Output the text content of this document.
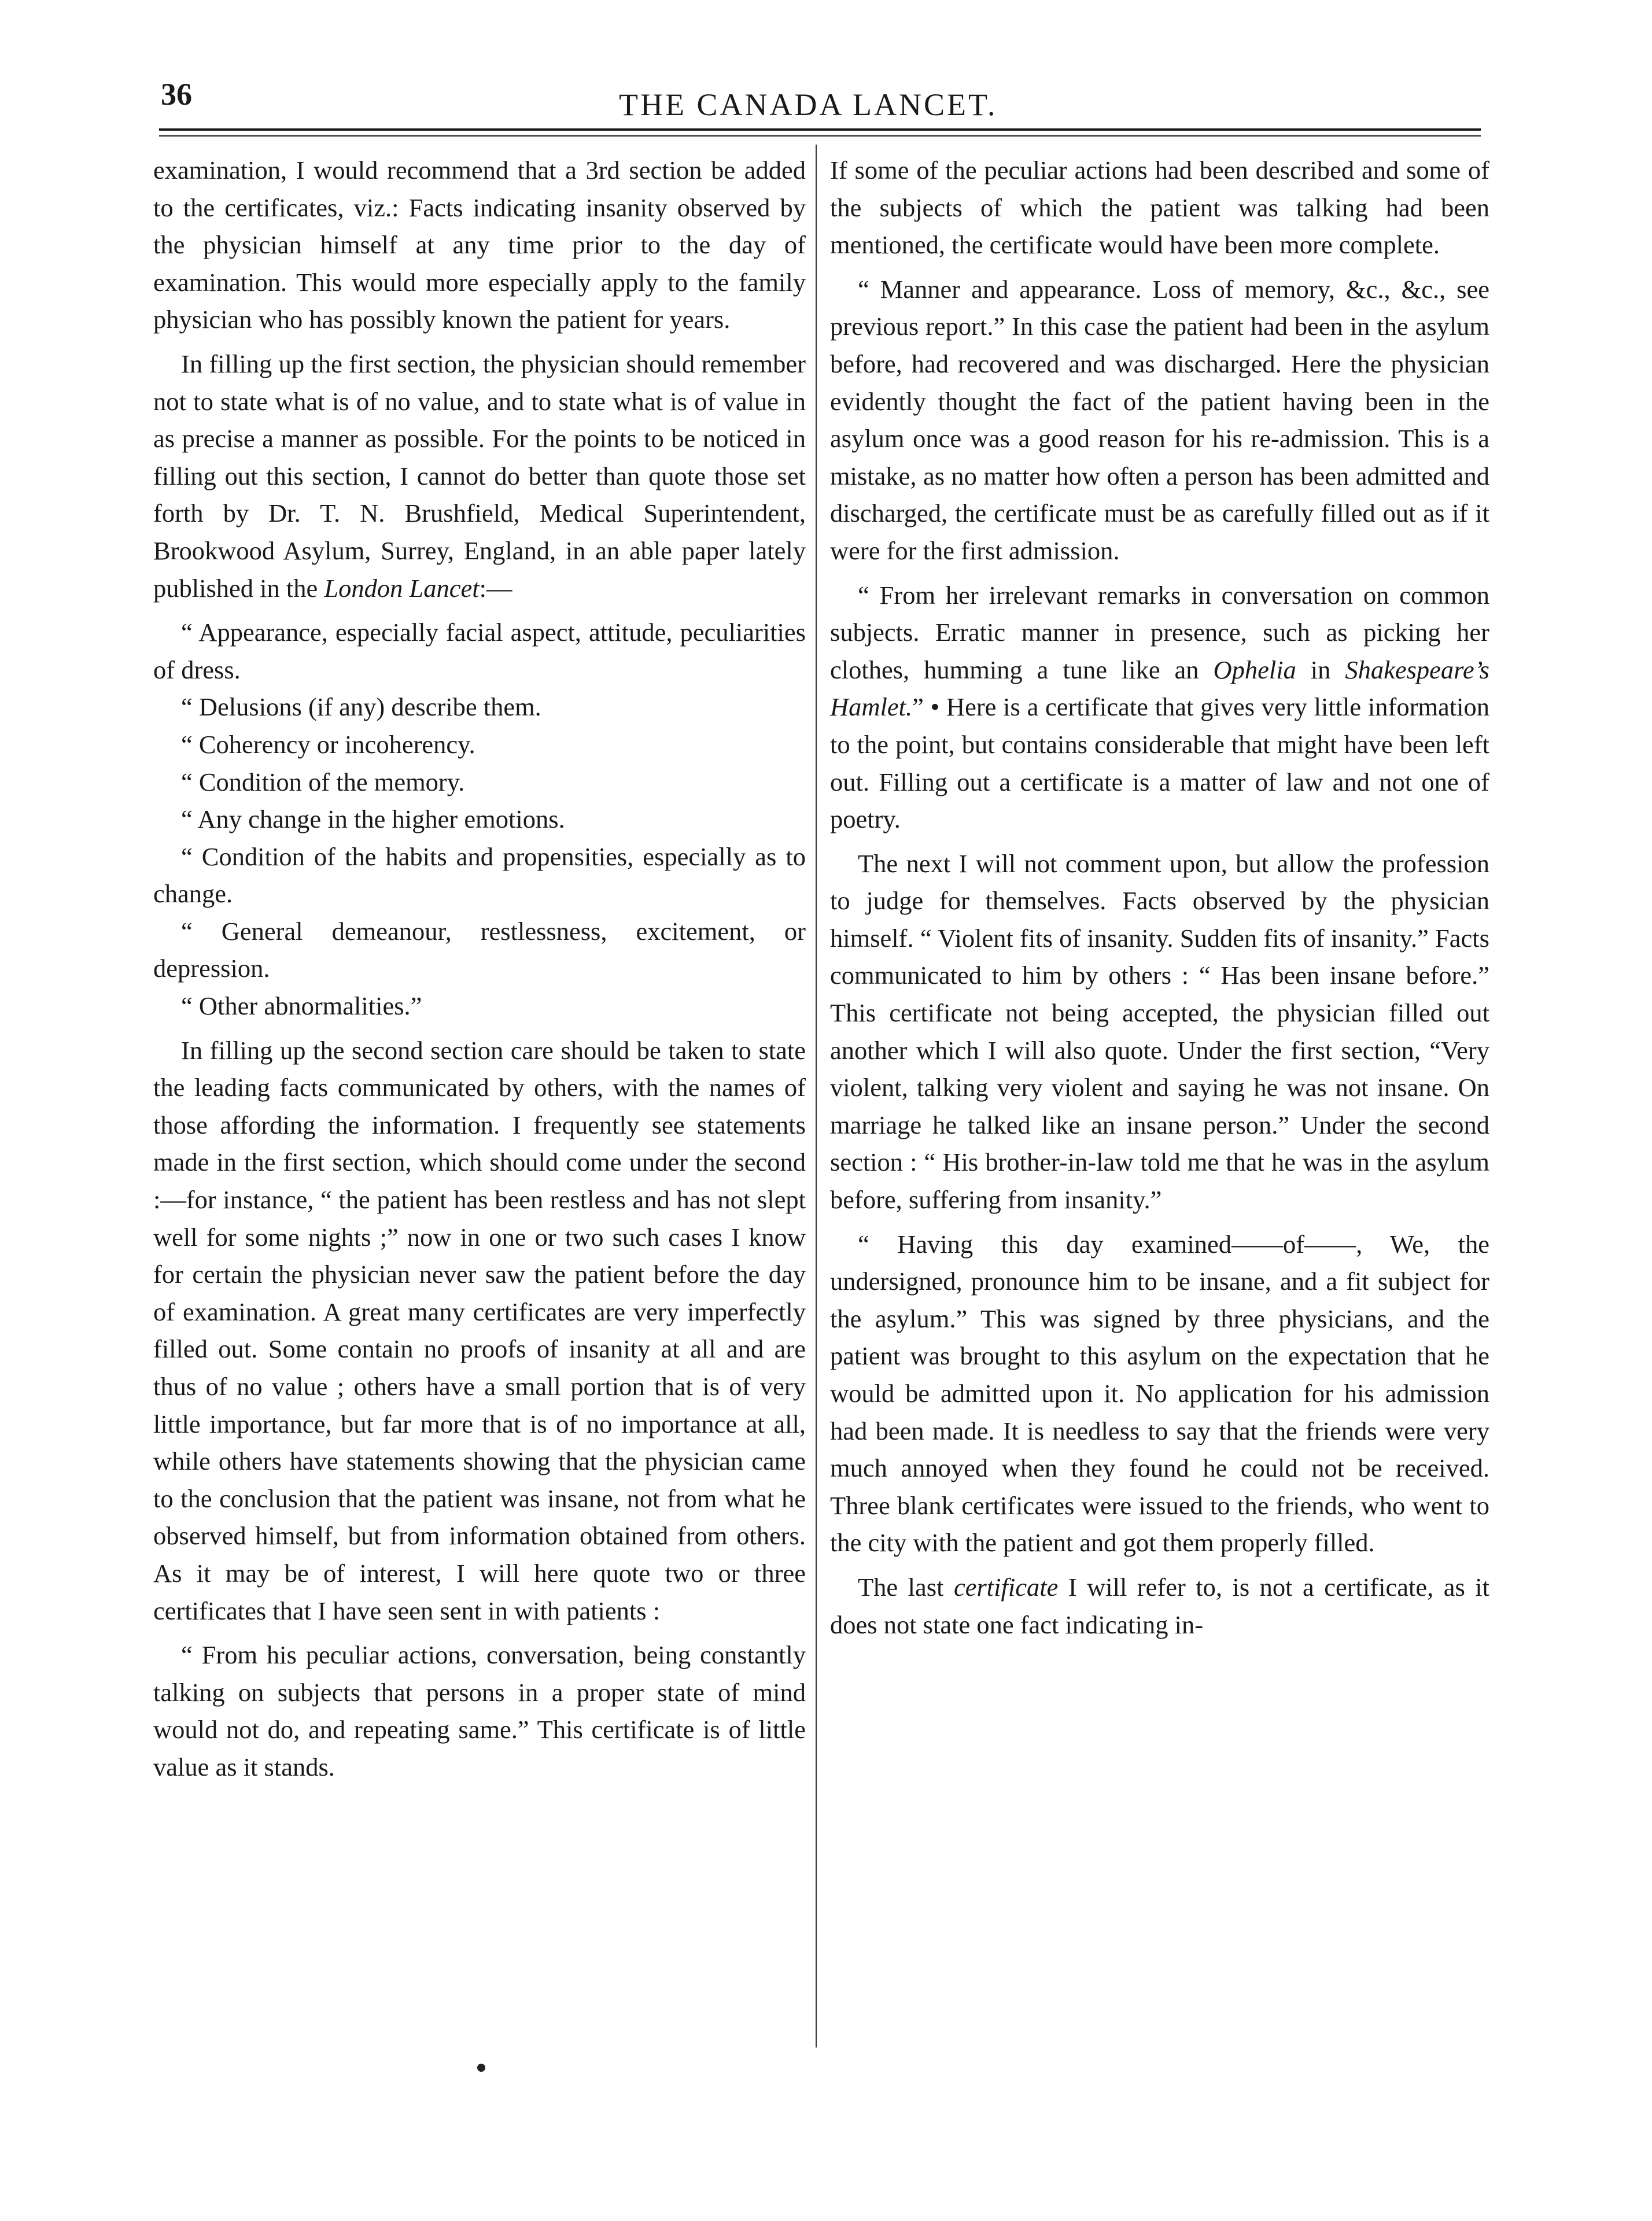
36	THE CANADA LANCET.

examination, I would recommend that a 3rd section be added to the certificates, viz.: Facts indicating insanity observed by the physician himself at any time prior to the day of examination. This would more especially apply to the family physician who has possibly known the patient for years.

In filling up the first section, the physician should remember not to state what is of no value, and to state what is of value in as precise a manner as possible. For the points to be noticed in filling out this section, I cannot do better than quote those set forth by Dr. T. N. Brushfield, Medical Superintendent, Brookwood Asylum, Surrey, England, in an able paper lately published in the London Lancet:—

“ Appearance, especially facial aspect, attitude, peculiarities of dress.

“ Delusions (if any) describe them.

“ Coherency or incoherency.

“ Condition of the memory.

“ Any change in the higher emotions.

“ Condition of the habits and propensities, especially as to change.

“ General demeanour, restlessness, excitement, or depression.

“ Other abnormalities.”

In filling up the second section care should be taken to state the leading facts communicated by others, with the names of those affording the information. I frequently see statements made in the first section, which should come under the second :—for instance, “ the patient has been restless and has not slept well for some nights ;” now in one or two such cases I know for certain the physician never saw the patient before the day of examination. A great many certificates are very imperfectly filled out. Some contain no proofs of insanity at all and are thus of no value ; others have a small portion that is of very little importance, but far more that is of no importance at all, while others have statements showing that the physician came to the conclusion that the patient was insane, not from what he observed himself, but from information obtained from others. As it may be of interest, I will here quote two or three certificates that I have seen sent in with patients :

“ From his peculiar actions, conversation, being constantly talking on subjects that persons in a proper state of mind would not do, and repeating same.” This certificate is of little value as it stands.

If some of the peculiar actions had been described and some of the subjects of which the patient was talking had been mentioned, the certificate would have been more complete.

“ Manner and appearance. Loss of memory, &c., &c., see previous report.” In this case the patient had been in the asylum before, had recovered and was discharged. Here the physician evidently thought the fact of the patient having been in the asylum once was a good reason for his re-admission. This is a mistake, as no matter how often a person has been admitted and discharged, the certificate must be as carefully filled out as if it were for the first admission.

“ From her irrelevant remarks in conversation on common subjects. Erratic manner in presence, such as picking her clothes, humming a tune like an Ophelia in Shakespeare’s Hamlet.” • Here is a certificate that gives very little information to the point, but contains considerable that might have been left out. Filling out a certificate is a matter of law and not one of poetry.

The next I will not comment upon, but allow the profession to judge for themselves. Facts observed by the physician himself. “ Violent fits of insanity. Sudden fits of insanity.” Facts communicated to him by others : “ Has been insane before.” This certificate not being accepted, the physician filled out another which I will also quote. Under the first section, “Very violent, talking very violent and saying he was not insane. On marriage he talked like an insane person.” Under the second section : “ His brother-in-law told me that he was in the asylum before, suffering from insanity.”

“ Having this day examined——of——, We, the undersigned, pronounce him to be insane, and a fit subject for the asylum.” This was signed by three physicians, and the patient was brought to this asylum on the expectation that he would be admitted upon it. No application for his admission had been made. It is needless to say that the friends were very much annoyed when they found he could not be received. Three blank certificates were issued to the friends, who went to the city with the patient and got them properly filled.

The last certificate I will refer to, is not a certificate, as it does not state one fact indicating in-
